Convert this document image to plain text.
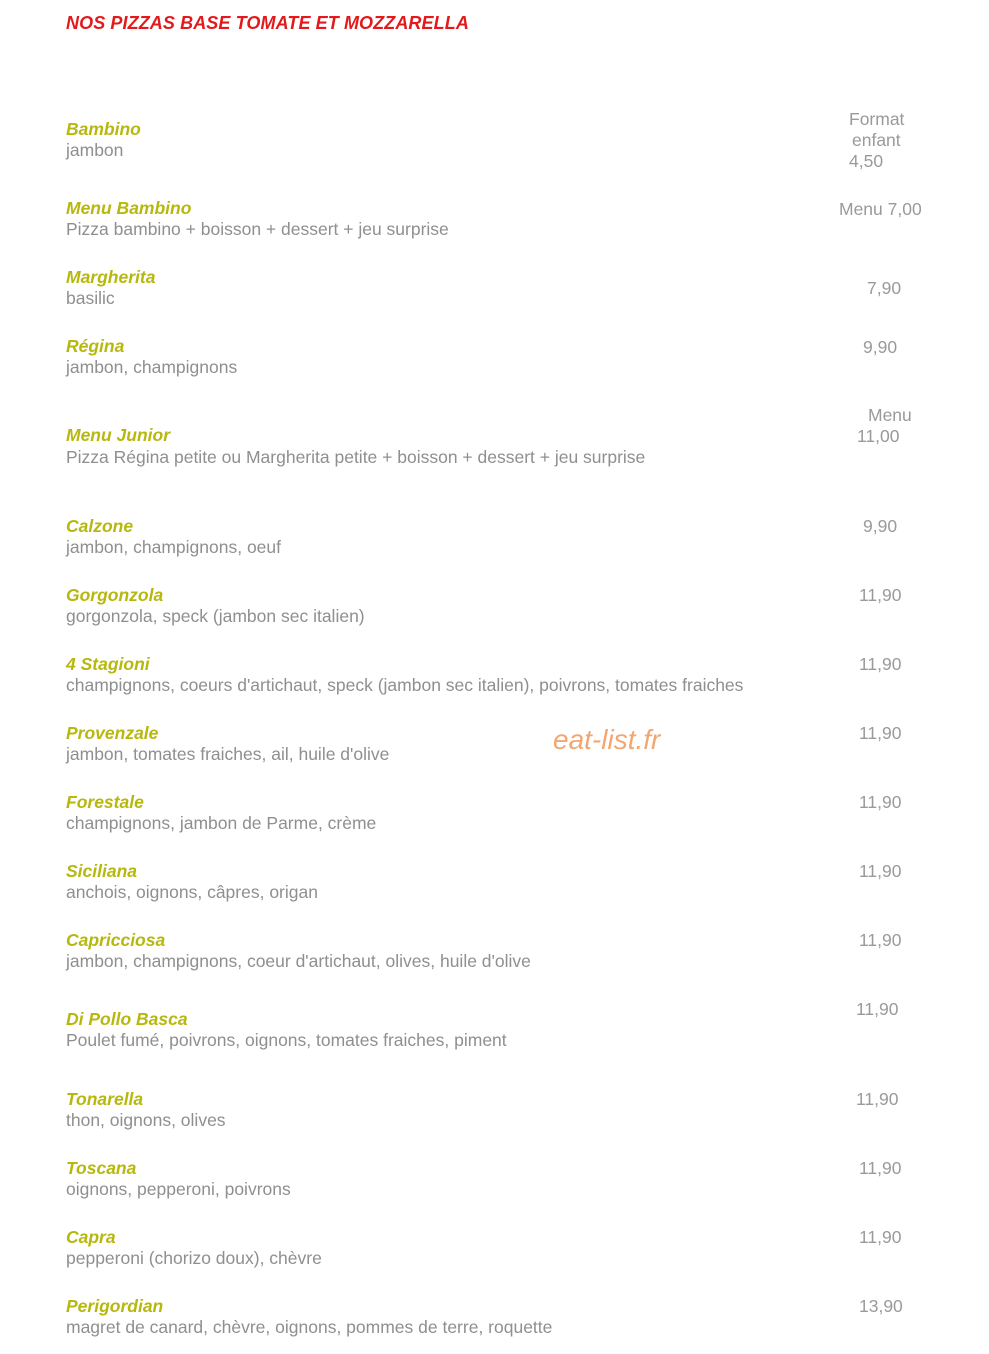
NOS PIZZAS BASE TOMATE ET MOZZARELLA
Bambino
jambon
Format
enfant
4,50
Menu Bambino
Pizza bambino + boisson + dessert + jeu surprise
Menu 7,00
Margherita
basilic	7,90
Régina
jambon, champignons
9,90
Menu Junior
Pizza Régina petite ou Margherita petite + boisson + dessert + jeu surprise
Menu
11,00
Calzone
jambon, champignons, oeuf
9,90
Gorgonzola
gorgonzola, speck (jambon sec italien)
11,90
4 Stagioni
champignons, coeurs d'artichaut, speck (jambon sec italien), poivrons, tomates fraiches
11,90
Provenzale
jambon, tomates fraiches, ail, huile d'olive
11,90
Forestale
champignons, jambon de Parme, crème
11,90
Siciliana
anchois, oignons, câpres, origan
11,90
Capricciosa
jambon, champignons, coeur d'artichaut, olives, huile d'olive
11,90
Di Pollo Basca
Poulet fumé, poivrons, oignons, tomates fraiches, piment
11,90
Tonarella
thon, oignons, olives
11,90
Toscana
oignons, pepperoni, poivrons
11,90
Capra
pepperoni (chorizo doux), chèvre
11,90
Perigordian
magret de canard, chèvre, oignons, pommes de terre, roquette
13,90
eat-list.fr
